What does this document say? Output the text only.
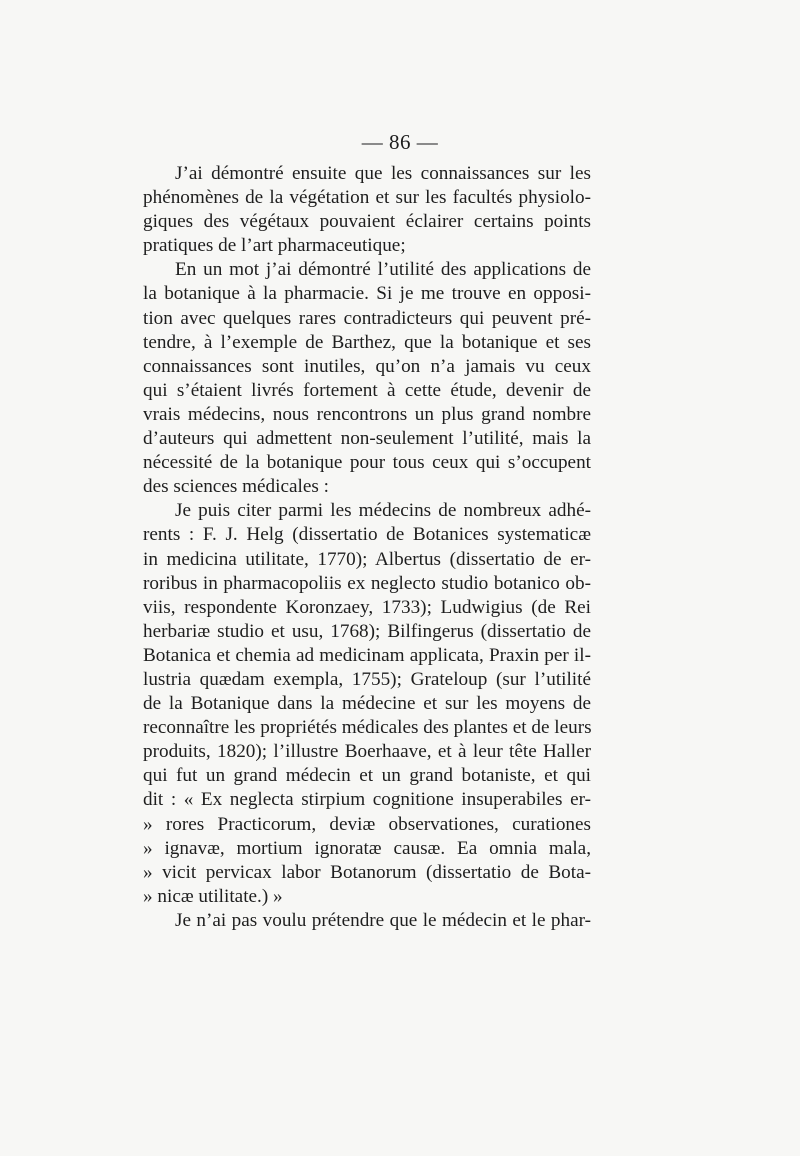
— 86 —

J’ai démontré ensuite que les connaissances sur les

phénomènes de la végétation et sur les facultés physiolo-

giques des végétaux pouvaient éclairer certains points

pratiques de l’art pharmaceutique;

En un mot j’ai démontré l’utilité des applications de

la botanique à la pharmacie. Si je me trouve en opposi-

tion avec quelques rares contradicteurs qui peuvent pré-

tendre, à l’exemple de Barthez, que la botanique et ses

connaissances sont inutiles, qu’on n’a jamais vu ceux

qui s’étaient livrés fortement à cette étude, devenir de

vrais médecins, nous rencontrons un plus grand nombre

d’auteurs qui admettent non-seulement l’utilité, mais la

nécessité de la botanique pour tous ceux qui s’occupent

des sciences médicales :

Je puis citer parmi les médecins de nombreux adhé-

rents : F. J. Helg (dissertatio de Botanices systematicæ

in medicina utilitate, 1770); Albertus (dissertatio de er-

roribus in pharmacopoliis ex neglecto studio botanico ob-

viis, respondente Koronzaey, 1733); Ludwigius (de Rei

herbariæ studio et usu, 1768); Bilfingerus (dissertatio de

Botanica et chemia ad medicinam applicata, Praxin per il-

lustria quædam exempla, 1755); Grateloup (sur l’utilité

de la Botanique dans la médecine et sur les moyens de

reconnaître les propriétés médicales des plantes et de leurs

produits, 1820); l’illustre Boerhaave, et à leur tête Haller

qui fut un grand médecin et un grand botaniste, et qui

dit : « Ex neglecta stirpium cognitione insuperabiles er-

» rores Practicorum, deviæ observationes, curationes

» ignavæ, mortium ignoratæ causæ. Ea omnia mala,

» vicit pervicax labor Botanorum (dissertatio de Bota-

» nicæ utilitate.) »

Je n’ai pas voulu prétendre que le médecin et le phar-
